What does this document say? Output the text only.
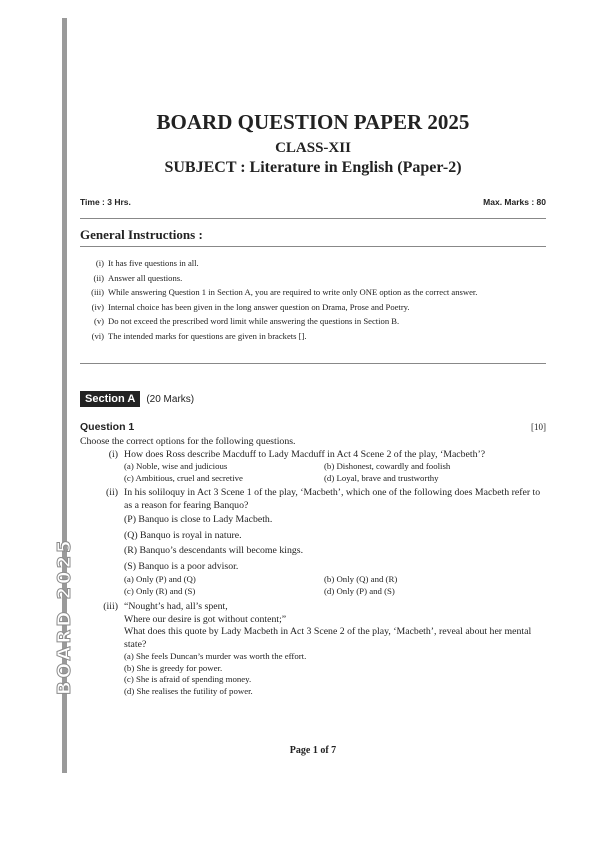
BOARD 2025
BOARD QUESTION PAPER 2025
CLASS-XII
SUBJECT : Literature in English (Paper-2)
Time : 3 Hrs.	Max. Marks : 80
General Instructions :
(i) It has five questions in all.
(ii) Answer all questions.
(iii) While answering Question 1 in Section A, you are required to write only ONE option as the correct answer.
(iv) Internal choice has been given in the long answer question on Drama, Prose and Poetry.
(v) Do not exceed the prescribed word limit while answering the questions in Section B.
(vi) The intended marks for questions are given in brackets [].
Section A (20 Marks)
Question 1	[10]
Choose the correct options for the following questions.
(i) How does Ross describe Macduff to Lady Macduff in Act 4 Scene 2 of the play, ‘Macbeth’?
(a) Noble, wise and judicious	(b) Dishonest, cowardly and foolish
(c) Ambitious, cruel and secretive	(d) Loyal, brave and trustworthy
(ii) In his soliloquy in Act 3 Scene 1 of the play, ‘Macbeth’, which one of the following does Macbeth refer to as a reason for fearing Banquo?
(P) Banquo is close to Lady Macbeth.
(Q) Banquo is royal in nature.
(R) Banquo’s descendants will become kings.
(S) Banquo is a poor advisor.
(a) Only (P) and (Q)	(b) Only (Q) and (R)
(c) Only (R) and (S)	(d) Only (P) and (S)
(iii) “Nought’s had, all’s spent,
Where our desire is got without content;”
What does this quote by Lady Macbeth in Act 3 Scene 2 of the play, ‘Macbeth’, reveal about her mental state?
(a) She feels Duncan’s murder was worth the effort.
(b) She is greedy for power.
(c) She is afraid of spending money.
(d) She realises the futility of power.
Page 1 of 7
